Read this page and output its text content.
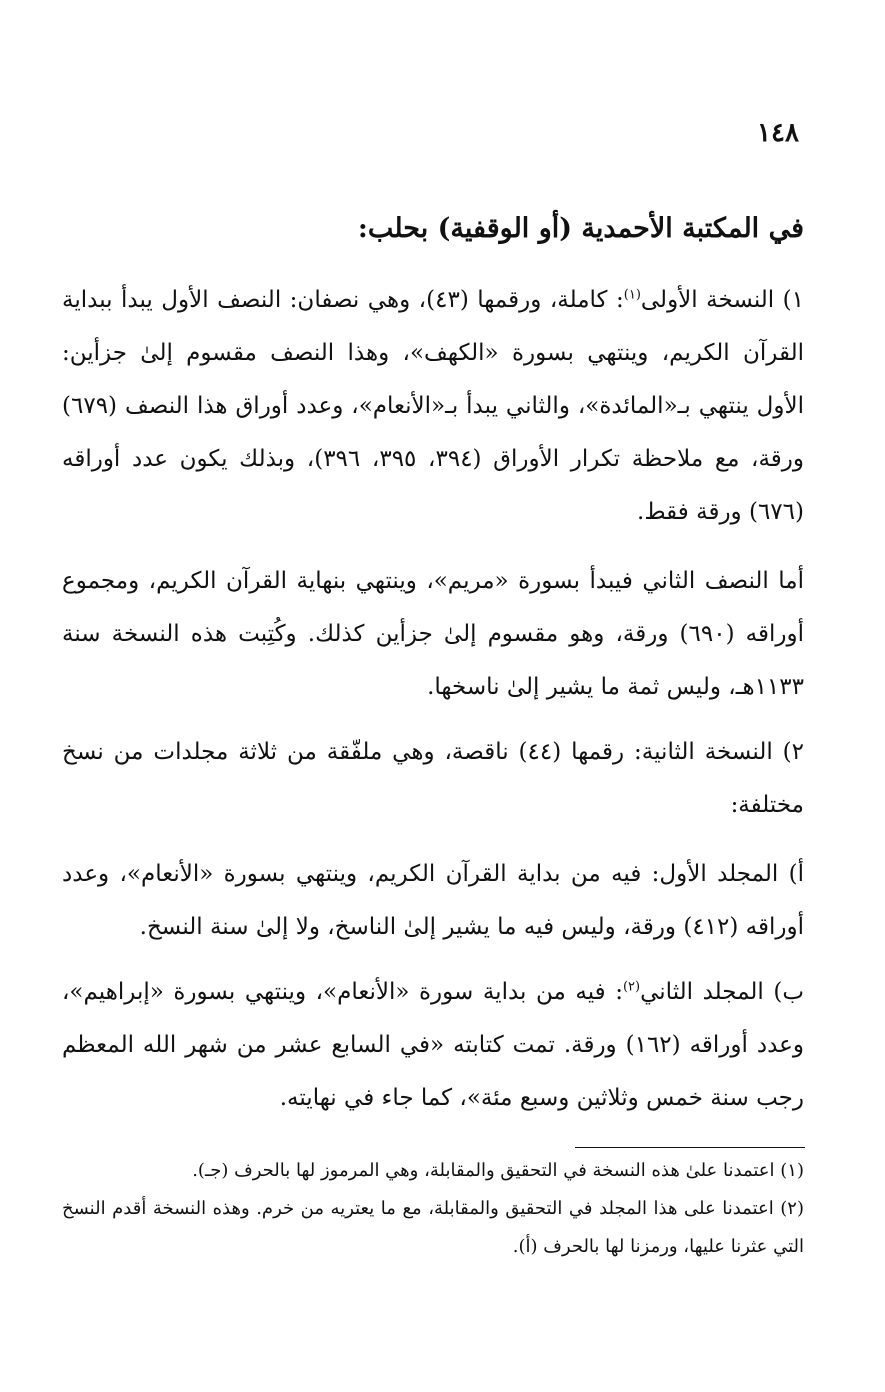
١٤٨
في المكتبة الأحمدية (أو الوقفية) بحلب:

١) النسخة الأولى$^{(١)}$: كاملة، ورقمها (٤٣)، وهي نصفان: النصف الأول يبدأ ببداية القرآن الكريم، وينتهي بسورة «الكهف»، وهذا النصف مقسوم إلىٰ جزأين: الأول ينتهي بـ«المائدة»، والثاني يبدأ بـ«الأنعام»، وعدد أوراق هذا النصف (٦٧٩) ورقة، مع ملاحظة تكرار الأوراق (٣٩٤، ٣٩٥، ٣٩٦)، وبذلك يكون عدد أوراقه (٦٧٦) ورقة فقط.

أما النصف الثاني فيبدأ بسورة «مريم»، وينتهي بنهاية القرآن الكريم، ومجموع أوراقه (٦٩٠) ورقة، وهو مقسوم إلىٰ جزأين كذلك. وكُتِبت هذه النسخة سنة ١١٣٣هـ، وليس ثمة ما يشير إلىٰ ناسخها.

٢) النسخة الثانية: رقمها (٤٤) ناقصة، وهي ملفّقة من ثلاثة مجلدات من نسخ مختلفة:

أ) المجلد الأول: فيه من بداية القرآن الكريم، وينتهي بسورة «الأنعام»، وعدد أوراقه (٤١٢) ورقة، وليس فيه ما يشير إلىٰ الناسخ، ولا إلىٰ سنة النسخ.

ب) المجلد الثاني$^{(٢)}$: فيه من بداية سورة «الأنعام»، وينتهي بسورة «إبراهيم»، وعدد أوراقه (١٦٢) ورقة. تمت كتابته «في السابع عشر من شهر الله المعظم رجب سنة خمس وثلاثين وسبع مئة»، كما جاء في نهايته.

(١) اعتمدنا علىٰ هذه النسخة في التحقيق والمقابلة، وهي المرموز لها بالحرف (جـ).

(٢) اعتمدنا على هذا المجلد في التحقيق والمقابلة، مع ما يعتريه من خرم. وهذه النسخة أقدم النسخ التي عثرنا عليها، ورمزنا لها بالحرف (أ).
